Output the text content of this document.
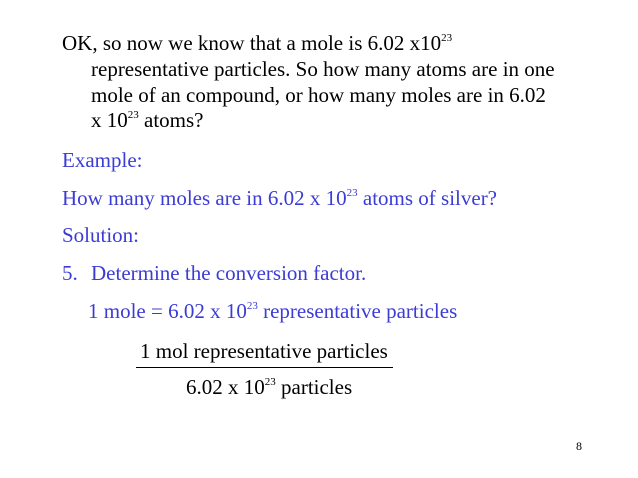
OK, so now we know that a mole is 6.02 $x10^{23}$
representative particles. So how many atoms are in one
mole of an compound, or how many moles are in 6.02
x $10^{23}$ atoms?
Example:
How many moles are in 6.02 x $10^{23}$ atoms of silver?
Solution:
5. Determine the conversion factor.
1 mole = 6.02 x $10^{23}$ representative particles
1 mol representative particles
6.02 x $10^{23}$ particles
8
